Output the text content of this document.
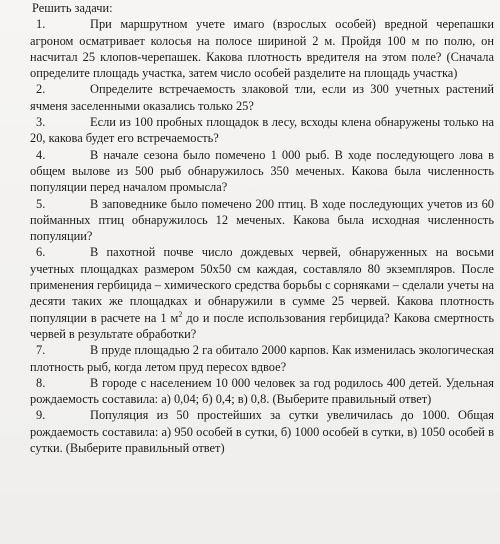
Решить задачи:

1.	При маршрутном учете имаго (взрослых особей) вредной черепашки агроном осматривает колосья на полосе шириной 2 м. Пройдя 100 м по полю, он насчитал 25 клопов-черепашек. Какова плотность вредителя на этом поле? (Сначала определите площадь участка, затем число особей разделите на площадь участка)

2.	Определите встречаемость злаковой тли, если из 300 учетных растений ячменя заселенными оказались только 25?

3.	Если из 100 пробных площадок в лесу, всходы клена обнаружены только на 20, какова будет его встречаемость?

4.	В начале сезона было помечено 1 000 рыб. В ходе последующего лова в общем вылове из 500 рыб обнаружилось 350 меченых. Какова была численность популяции перед началом промысла?

5.	В заповеднике было помечено 200 птиц. В ходе последующих учетов из 60 пойманных птиц обнаружилось 12 меченых. Какова была исходная численность популяции?

6.	В пахотной почве число дождевых червей, обнаруженных на восьми учетных площадках размером 50х50 см каждая, составляло 80 экземпляров. После применения гербицида – химического средства борьбы с сорняками – сделали учеты на десяти таких же площадках и обнаружили в сумме 25 червей. Какова плотность популяции в расчете на 1 $м^2$ до и после использования гербицида? Какова смертность червей в результате обработки?

7.	В пруде площадью 2 га обитало 2000 карпов. Как изменилась экологическая плотность рыб, когда летом пруд пересох вдвое?

8.	В городе с населением 10 000 человек за год родилось 400 детей. Удельная рождаемость составила: а) 0,04; б) 0,4; в) 0,8. (Выберите правильный ответ)

9.	Популяция из 50 простейших за сутки увеличилась до 1000. Общая рождаемость составила: а) 950 особей в сутки, б) 1000 особей в сутки, в) 1050 особей в сутки. (Выберите правильный ответ)
